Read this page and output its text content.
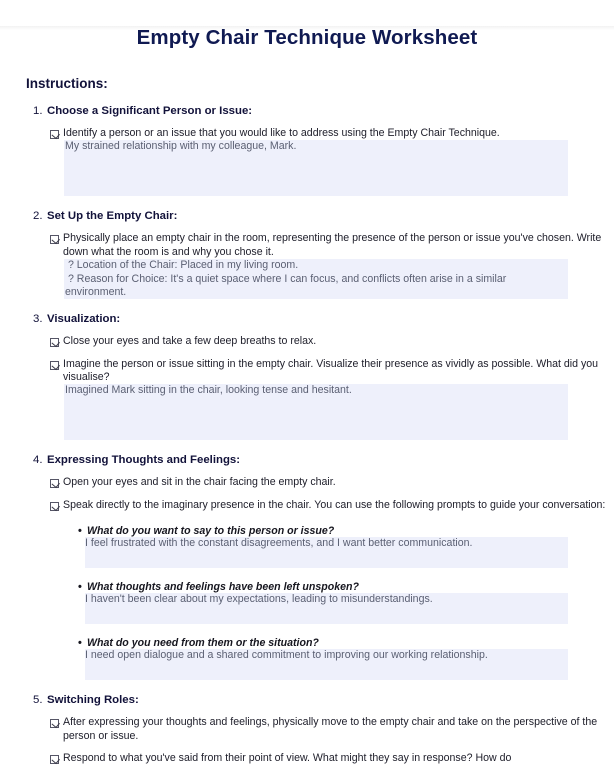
Empty Chair Technique Worksheet
Instructions:
1. Choose a Significant Person or Issue:
Identify a person or an issue that you would like to address using the Empty Chair Technique.
My strained relationship with my colleague, Mark.
2. Set Up the Empty Chair:
Physically place an empty chair in the room, representing the presence of the person or issue you've chosen. Write down what the room is and why you chose it.
? Location of the Chair: Placed in my living room.
? Reason for Choice: It's a quiet space where I can focus, and conflicts often arise in a similar environment.
3. Visualization:
Close your eyes and take a few deep breaths to relax.
Imagine the person or issue sitting in the empty chair. Visualize their presence as vividly as possible. What did you visualise?
Imagined Mark sitting in the chair, looking tense and hesitant.
4. Expressing Thoughts and Feelings:
Open your eyes and sit in the chair facing the empty chair.
Speak directly to the imaginary presence in the chair. You can use the following prompts to guide your conversation:
• What do you want to say to this person or issue?
I feel frustrated with the constant disagreements, and I want better communication.
• What thoughts and feelings have been left unspoken?
I haven't been clear about my expectations, leading to misunderstandings.
• What do you need from them or the situation?
I need open dialogue and a shared commitment to improving our working relationship.
5. Switching Roles:
After expressing your thoughts and feelings, physically move to the empty chair and take on the perspective of the person or issue.
Respond to what you've said from their point of view. What might they say in response? How do
